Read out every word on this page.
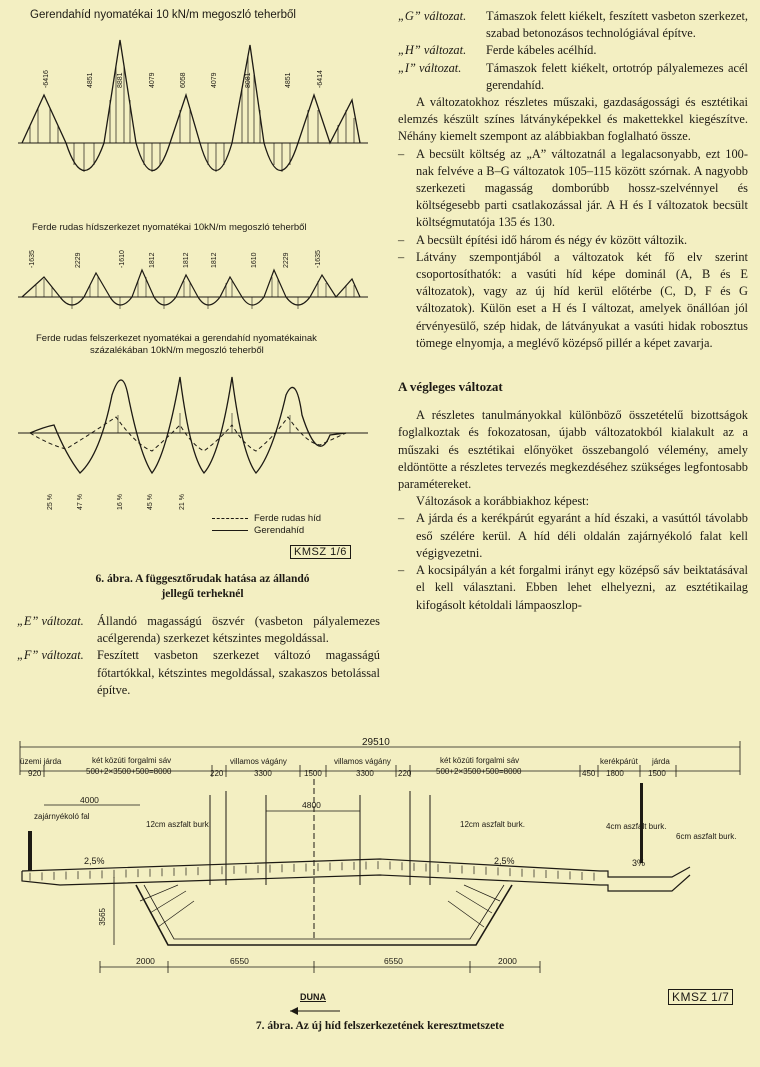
Gerendahíd nyomatékai 10 kN/m megoszló teherből
Ferde rudas hídszerkezet nyomatékai 10kN/m megoszló teherből
Ferde rudas felszerkezet nyomatékai a gerendahíd nyomatékainak
százalékában 10kN/m megoszló teherből
-6416	4851	8881	4079	6058	4079	8081	4851	-6414
-1635	2229	-1610	1812	1812	1812	1610	2229	-1635
25 %	47 %	16 %	45 %	21 %
Ferde rudas híd
Gerendahíd
KMSZ 1/6
6. ábra. A függesztőrudak hatása az állandó
jellegű terheknél
„E” változat.	Állandó magasságú öszvér (vasbeton pályalemezes acélgerenda) szerkezet kétszintes megoldással.
„F” változat.	Feszített vasbeton szerkezet változó magasságú főtartókkal, kétszintes megoldással, szakaszos betolással építve.
„G” változat.	Támaszok felett kiékelt, feszített vasbeton szerkezet, szabad betonozásos technológiával építve.
„H” változat.	Ferde kábeles acélhíd.
„I” változat.	Támaszok felett kiékelt, ortotróp pályalemezes acél gerendahíd.

A változatokhoz részletes műszaki, gazdaságossági és esztétikai elemzés készült színes látványképekkel és makettekkel kiegészítve. Néhány kiemelt szempont az alábbiakban foglalható össze.

– A becsült költség az „A” változatnál a legalacsonyabb, ezt 100-nak felvéve a B–G változatok 105–115 között szórnak. A nagyobb szerkezeti magasság domborúbb hossz-szelvénnyel és költségesebb parti csatlakozással jár. A H és I változatok becsült költségmutatója 135 és 130.
– A becsült építési idő három és négy év között változik.
– Látvány szempontjából a változatok két fő elv szerint csoportosíthatók: a vasúti híd képe dominál (A, B és E változatok), vagy az új híd kerül előtérbe (C, D, F és G változatok). Külön eset a H és I változat, amelyek önállóan jól érvényesülő, szép hidak, de látványukat a vasúti hidak robosztus tömege elnyomja, a meglévő középső pillér a képet zavarja.
A végleges változat

A részletes tanulmányokkal különböző összetételű bizottságok foglalkoztak és fokozatosan, újabb változatokból kialakult az a műszaki és esztétikai előnyöket összebangoló vélemény, amely eldöntötte a részletes tervezés megkezdéséhez szükséges legfontosabb paramétereket.

Változások a korábbiakhoz képest:

– A járda és a kerékpárút egyaránt a híd északi, a vasúttól távolabb eső szélére kerül. A híd déli oldalán zajárnyékoló falat kell végigvezetni.
– A kocsipályán a két forgalmi irányt egy középső sáv beiktatásával el kell választani. Ebben lehet elhelyezni, az esztétikailag kifogásolt kétoldali lámpaoszlop-
29510
üzemi járda
920
két közúti forgalmi sáv
500+2×3500+500=8000	220
villamos vágány
3300	1500
villamos vágány
3300	220
két közúti forgalmi sáv
500+2×3500+500=8000
kerékpárút járda
450 1800	1500
4000	4800
zajárnyékoló fal
12cm aszfalt burk.	12cm aszfalt burk.	4cm aszfalt burk.
6cm aszfalt burk.
2,5%	2,5%	3%
3565
2000	6550	6550	2000
DUNA	KMSZ 1/7
7. ábra. Az új híd felszerkezetének keresztmetszete
